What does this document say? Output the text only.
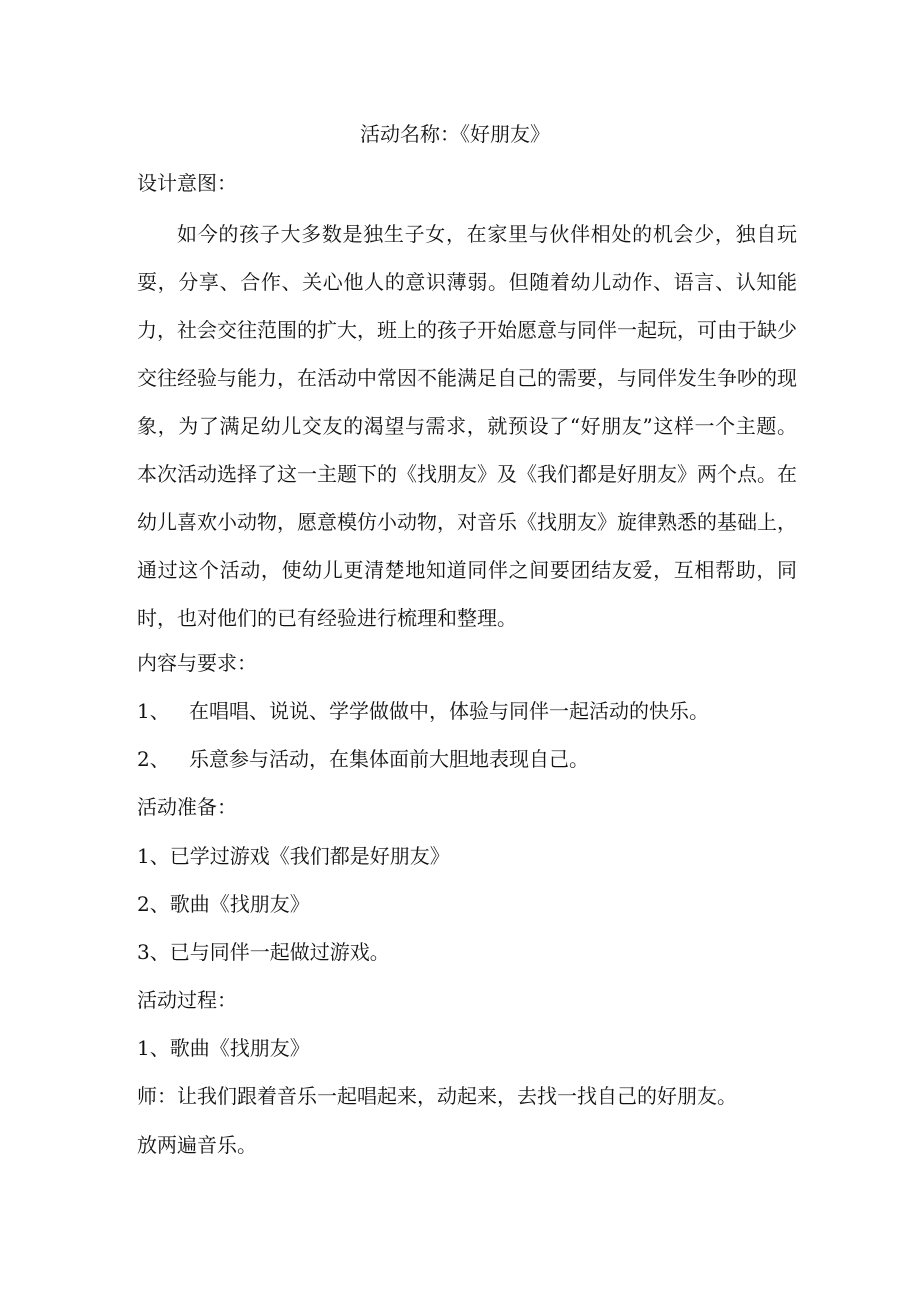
活动名称：《好朋友》
设计意图：
如今的孩子大多数是独生子女，在家里与伙伴相处的机会少，独自玩耍，分享、合作、关心他人的意识薄弱。但随着幼儿动作、语言、认知能力，社会交往范围的扩大，班上的孩子开始愿意与同伴一起玩，可由于缺少交往经验与能力，在活动中常因不能满足自己的需要，与同伴发生争吵的现象，为了满足幼儿交友的渴望与需求，就预设了“好朋友”这样一个主题。本次活动选择了这一主题下的《找朋友》及《我们都是好朋友》两个点。在幼儿喜欢小动物，愿意模仿小动物，对音乐《找朋友》旋律熟悉的基础上，通过这个活动，使幼儿更清楚地知道同伴之间要团结友爱，互相帮助，同时，也对他们的已有经验进行梳理和整理。
内容与要求：
1、 在唱唱、说说、学学做做中，体验与同伴一起活动的快乐。
2、 乐意参与活动，在集体面前大胆地表现自己。
活动准备：
1、已学过游戏《我们都是好朋友》
2、歌曲《找朋友》
3、已与同伴一起做过游戏。
活动过程：
1、歌曲《找朋友》
师：让我们跟着音乐一起唱起来，动起来，去找一找自己的好朋友。
放两遍音乐。
